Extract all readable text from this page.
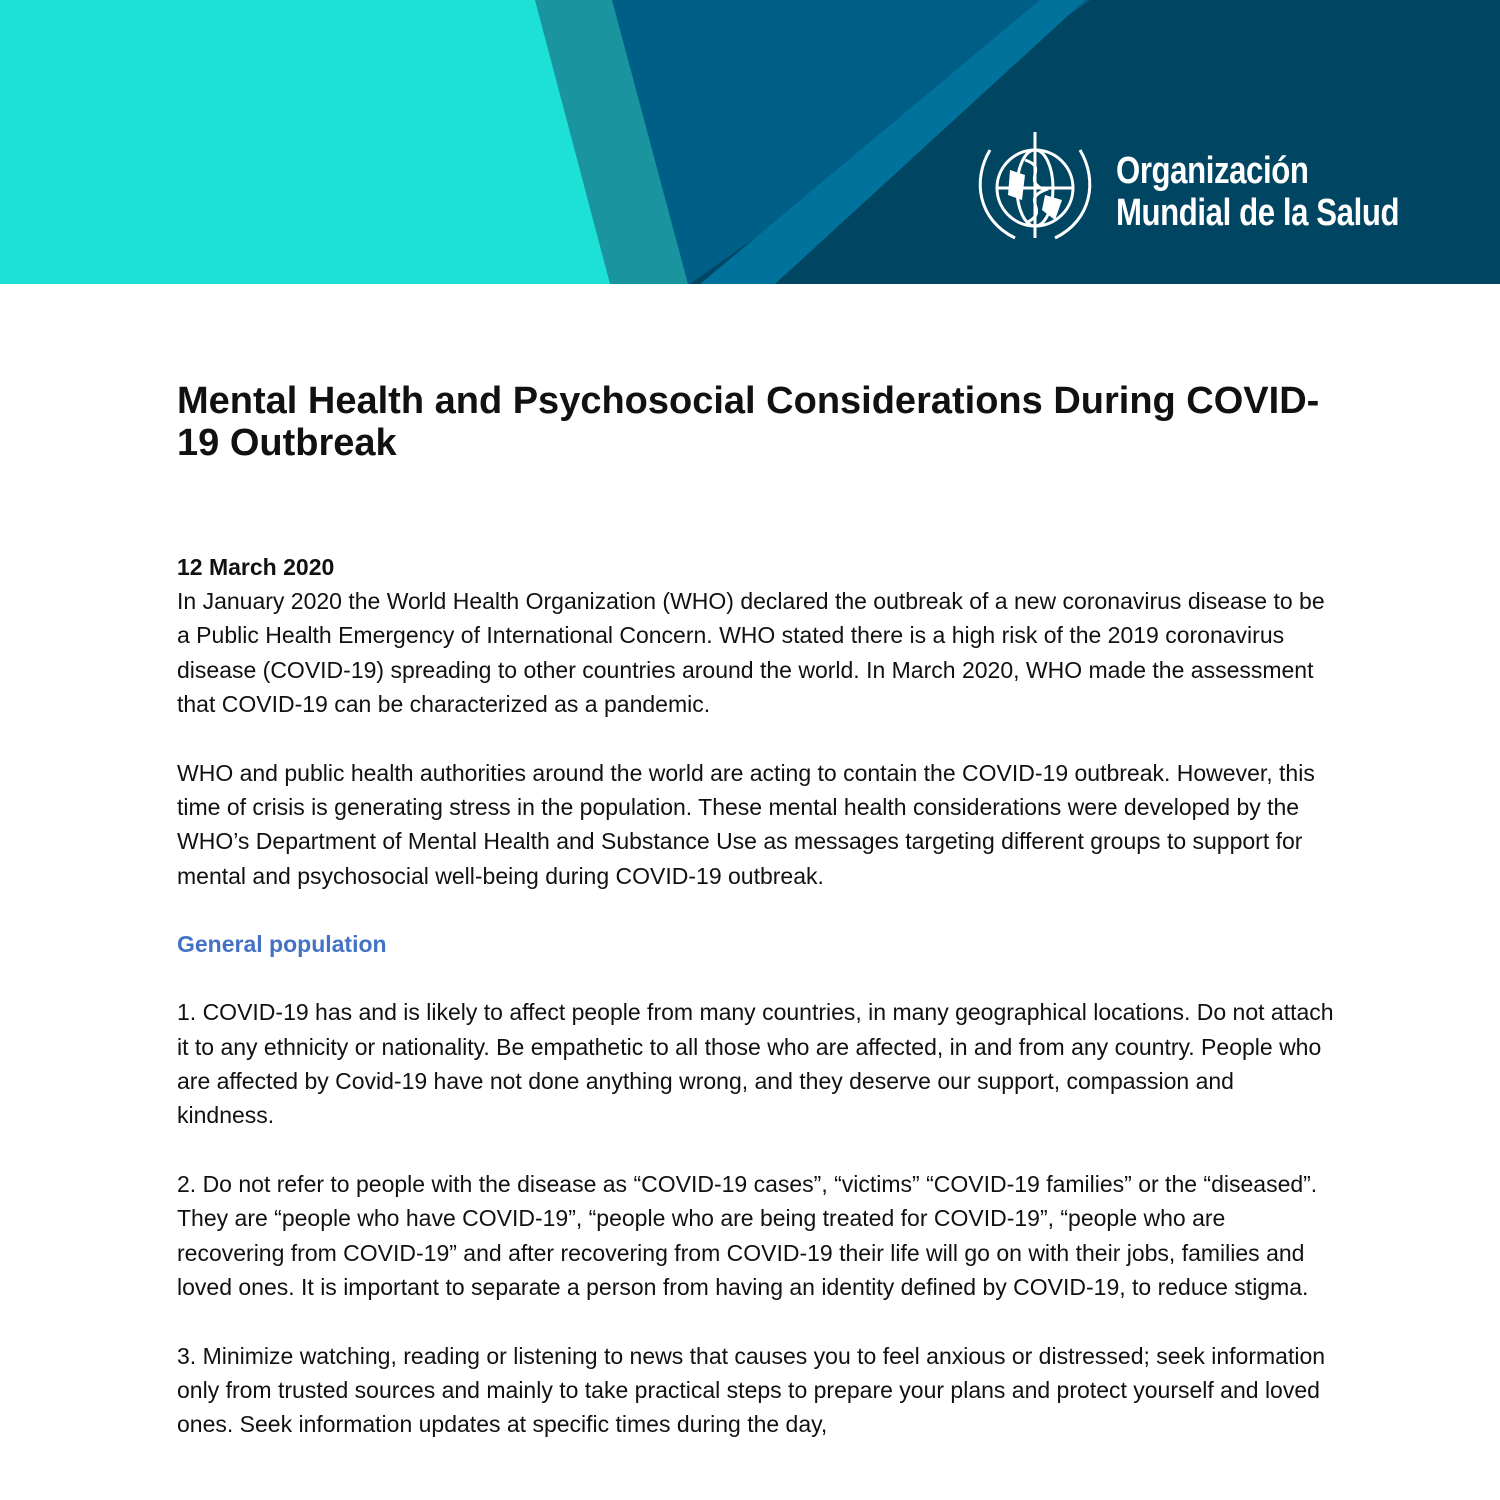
Organización
Mundial de la Salud
Mental Health and Psychosocial Considerations During COVID-19 Outbreak
12 March 2020

In January 2020 the World Health Organization (WHO) declared the outbreak of a new coronavirus disease to be a Public Health Emergency of International Concern. WHO stated there is a high risk of the 2019 coronavirus disease (COVID-19) spreading to other countries around the world. In March 2020, WHO made the assessment that COVID-19 can be characterized as a pandemic.

WHO and public health authorities around the world are acting to contain the COVID-19 outbreak. However, this time of crisis is generating stress in the population. These mental health considerations were developed by the WHO’s Department of Mental Health and Substance Use as messages targeting different groups to support for mental and psychosocial well-being during COVID-19 outbreak.

General population

1. COVID-19 has and is likely to affect people from many countries, in many geographical locations. Do not attach it to any ethnicity or nationality. Be empathetic to all those who are affected, in and from any country. People who are affected by Covid-19 have not done anything wrong, and they deserve our support, compassion and kindness.

2. Do not refer to people with the disease as “COVID-19 cases”, “victims” “COVID-19 families” or the “diseased”. They are “people who have COVID-19”, “people who are being treated for COVID-19”, “people who are recovering from COVID-19” and after recovering from COVID-19 their life will go on with their jobs, families and loved ones. It is important to separate a person from having an identity defined by COVID-19, to reduce stigma.

3. Minimize watching, reading or listening to news that causes you to feel anxious or distressed; seek information only from trusted sources and mainly to take practical steps to prepare your plans and protect yourself and loved ones. Seek information updates at specific times during the day,
